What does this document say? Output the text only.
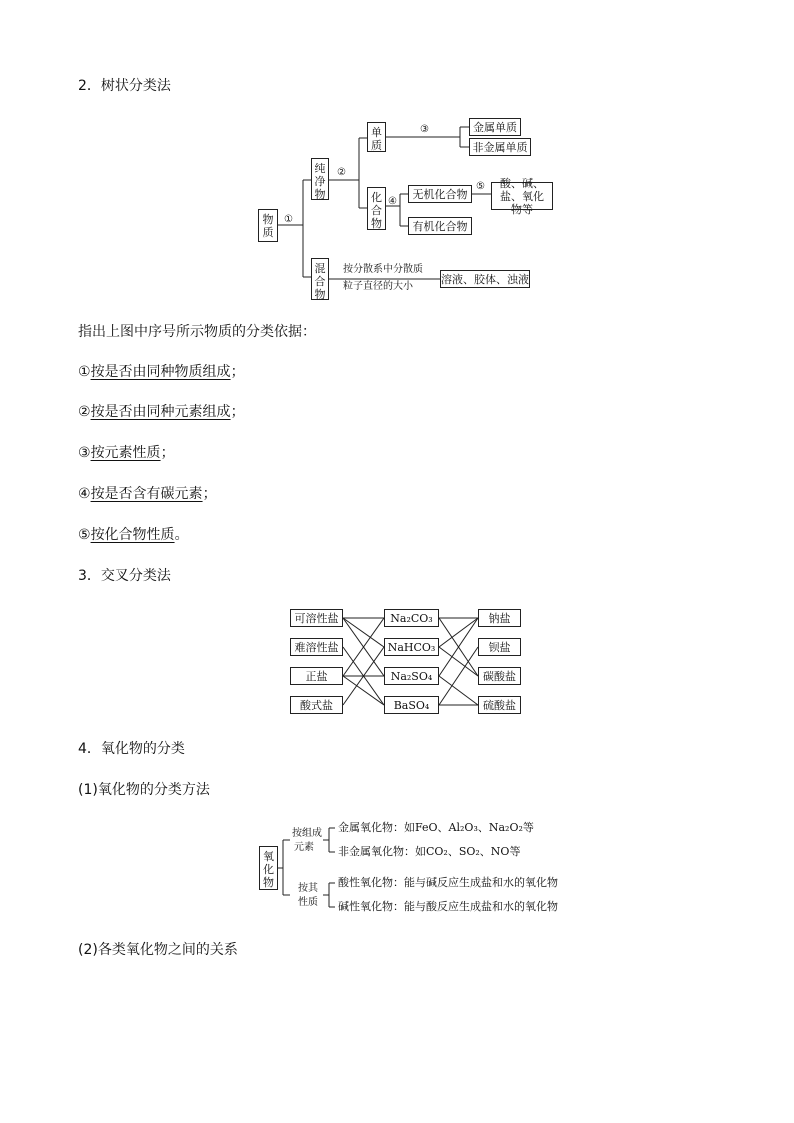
2．树状分类法
物质
①
纯净物
混合物
②
单质
化合物
③	金属单质
非金属单质
④
无机化合物
有机化合物
⑤	酸、碱、盐、氧化物等
按分散系中分散质
粒子直径的大小
溶液、胶体、浊液
指出上图中序号所示物质的分类依据：
①按是否由同种物质组成；
②按是否由同种元素组成；
③按元素性质；
④按是否含有碳元素；
⑤按化合物性质。
3．交叉分类法
可溶性盐
难溶性盐
正盐
酸式盐
Na₂CO₃
NaHCO₃
Na₂SO₄
BaSO₄
钠盐
钡盐
碳酸盐
硫酸盐
4．氧化物的分类
(1)氧化物的分类方法
氧化物
按组成
元素
按其
性质
金属氧化物：如FeO、Al₂O₃、Na₂O₂等
非金属氧化物：如CO₂、SO₂、NO等
酸性氧化物：能与碱反应生成盐和水的氧化物
碱性氧化物：能与酸反应生成盐和水的氧化物
(2)各类氧化物之间的关系
